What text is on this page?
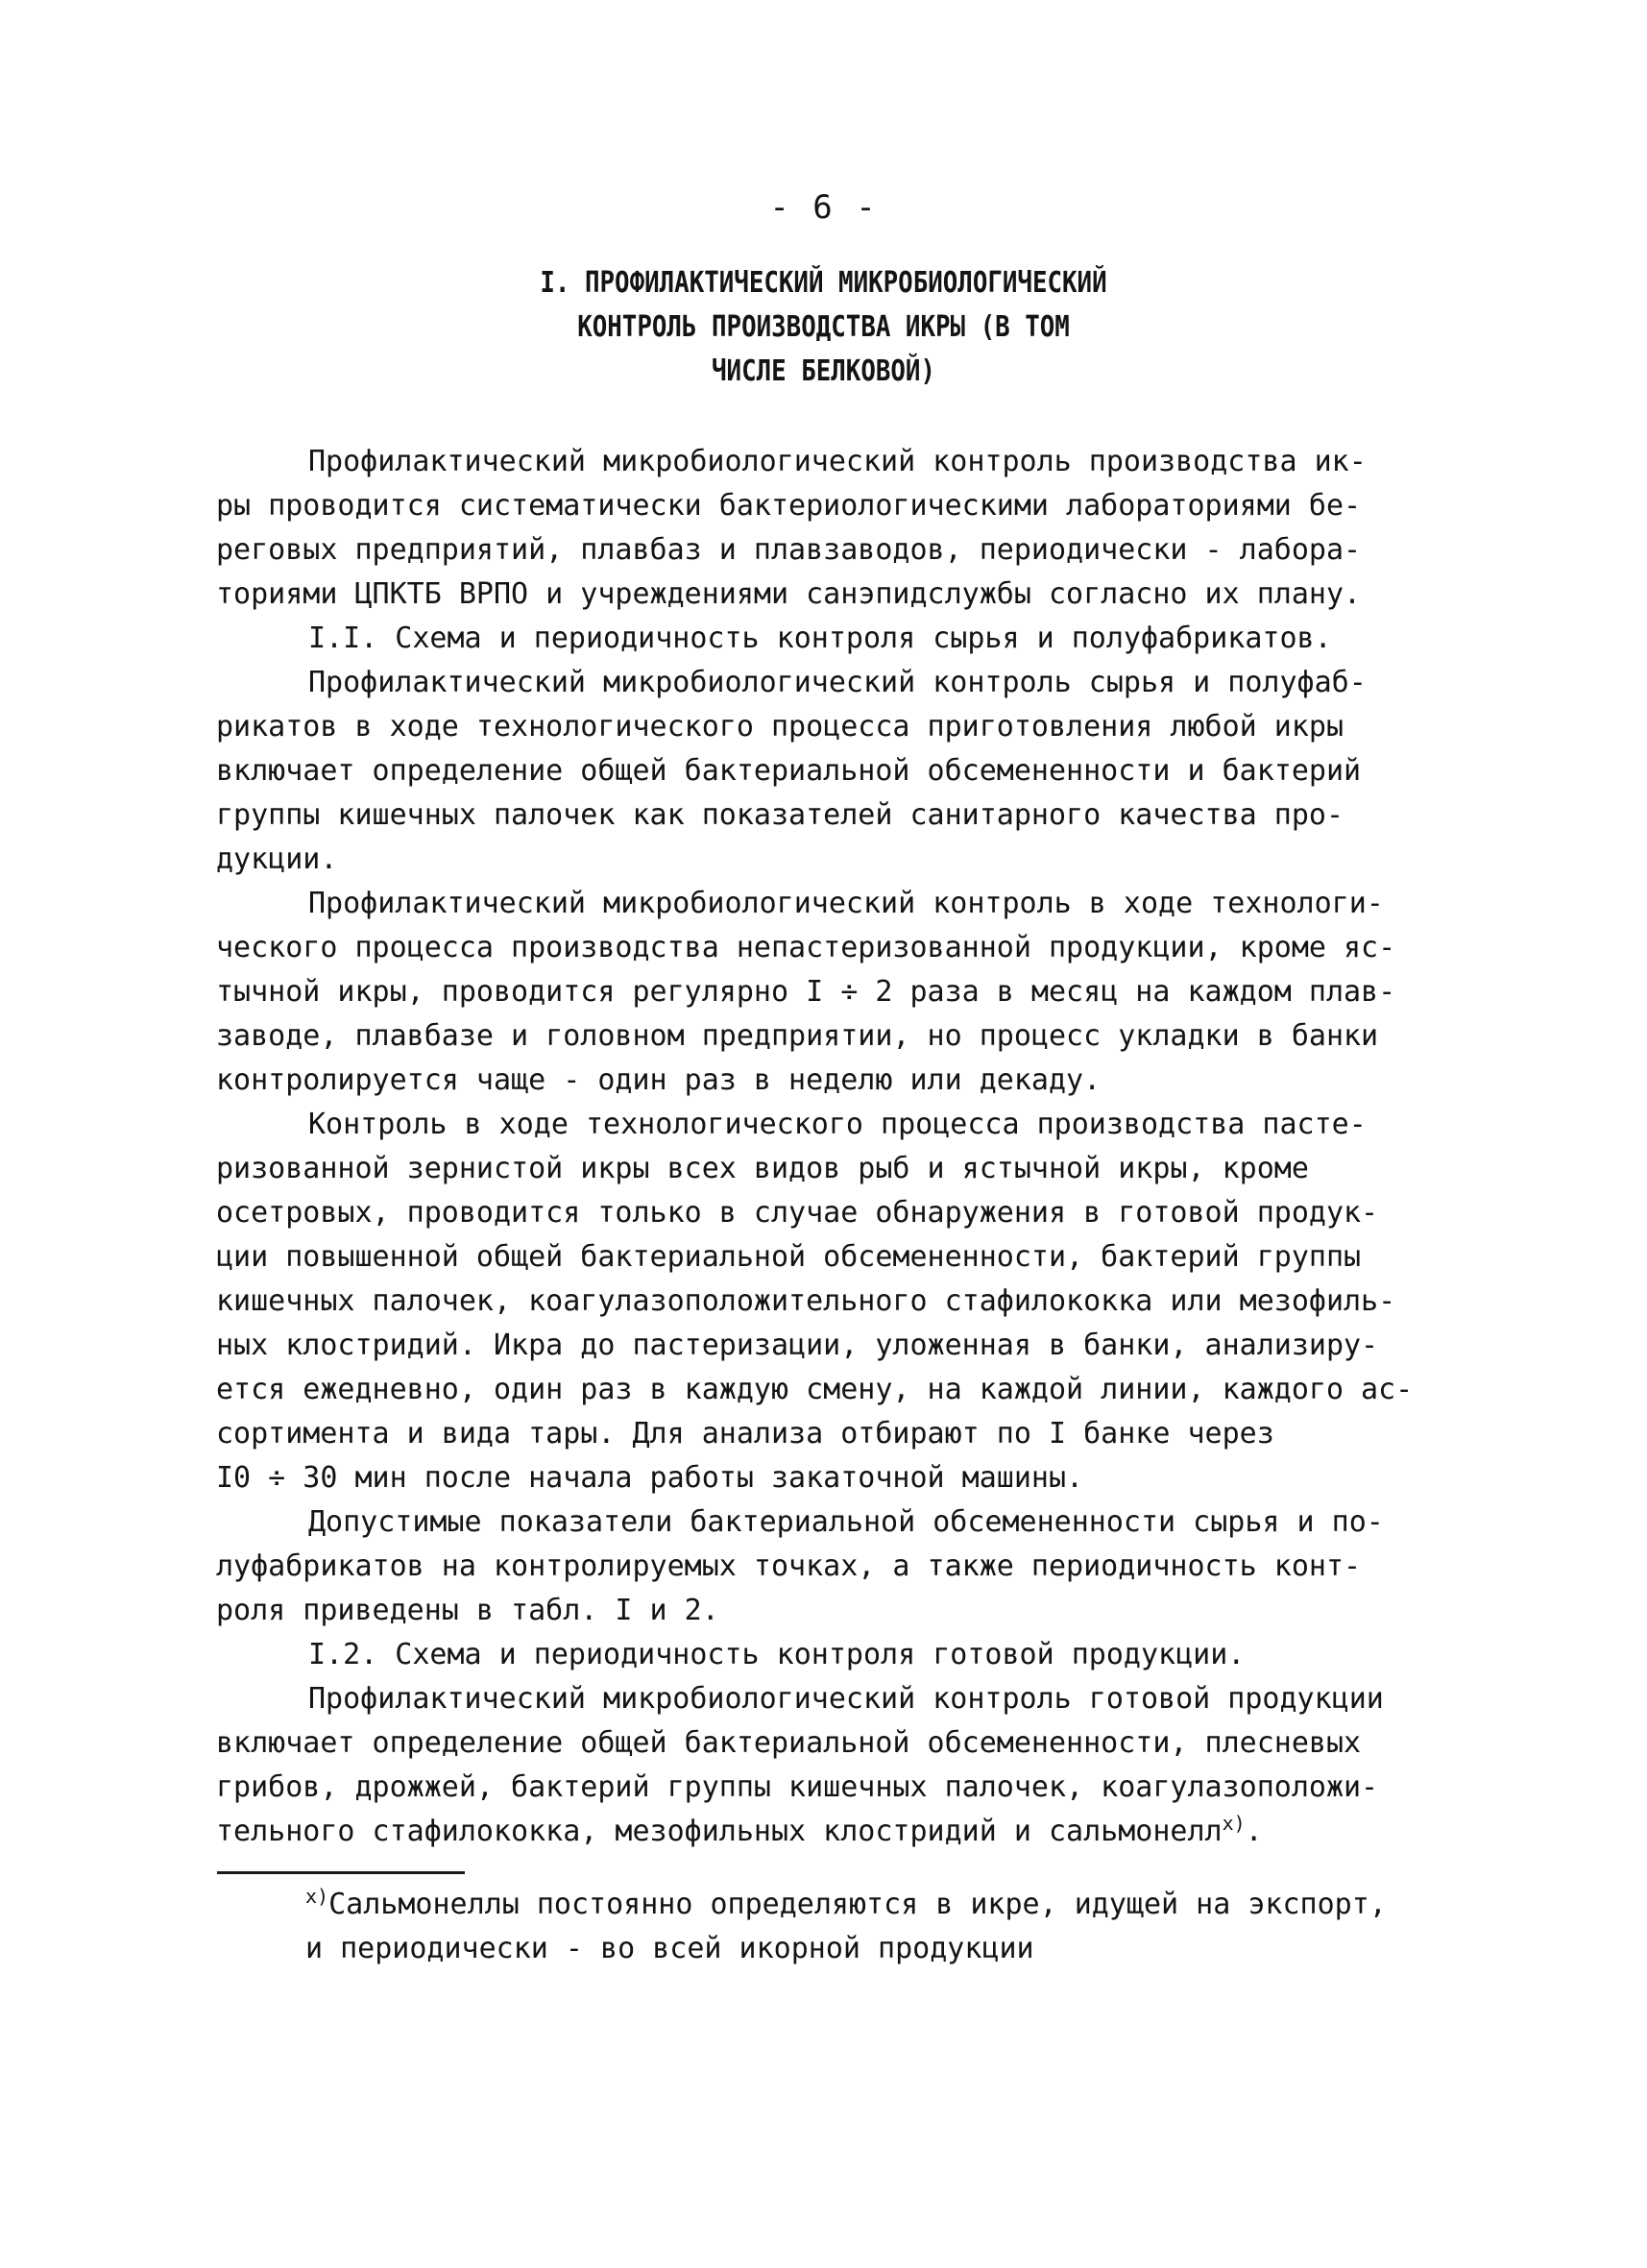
- 6 -
I. ПРОФИЛАКТИЧЕСКИЙ МИКРОБИОЛОГИЧЕСКИЙ
КОНТРОЛЬ ПРОИЗВОДСТВА ИКРЫ (В ТОМ
ЧИСЛЕ БЕЛКОВОЙ)
Профилактический микробиологический контроль производства ик-
ры проводится систематически бактериологическими лабораториями бе-
реговых предприятий, плавбаз и плавзаводов, периодически - лабора-
ториями ЦПКТБ ВРПО и учреждениями санэпидслужбы согласно их плану.
I.I. Схема и периодичность контроля сырья и полуфабрикатов.
Профилактический микробиологический контроль сырья и полуфаб-
рикатов в ходе технологического процесса приготовления любой икры
включает определение общей бактериальной обсемененности и бактерий
группы кишечных палочек как показателей санитарного качества про-
дукции.
Профилактический микробиологический контроль в ходе технологи-
ческого процесса производства непастеризованной продукции, кроме яс-
тычной икры, проводится регулярно I ÷ 2 раза в месяц на каждом плав-
заводе, плавбазе и головном предприятии, но процесс укладки в банки
контролируется чаще - один раз в неделю или декаду.
Контроль в ходе технологического процесса производства пасте-
ризованной зернистой икры всех видов рыб и ястычной икры, кроме
осетровых, проводится только в случае обнаружения в готовой продук-
ции повышенной общей бактериальной обсемененности, бактерий группы
кишечных палочек, коагулазоположительного стафилококка или мезофиль-
ных клостридий. Икра до пастеризации, уложенная в банки, анализиру-
ется ежедневно, один раз в каждую смену, на каждой линии, каждого ас-
сортимента и вида тары. Для анализа отбирают по I банке через
I0 ÷ 30 мин после начала работы закаточной машины.
Допустимые показатели бактериальной обсемененности сырья и по-
луфабрикатов на контролируемых точках, а также периодичность конт-
роля приведены в табл. I и 2.
I.2. Схема и периодичность контроля готовой продукции.
Профилактический микробиологический контроль готовой продукции
включает определение общей бактериальной обсемененности, плесневых
грибов, дрожжей, бактерий группы кишечных палочек, коагулазоположи-
тельного стафилококка, мезофильных клостридий и сальмонелл$^{х)}$.
$^{х)}$Сальмонеллы постоянно определяются в икре, идущей на экспорт,
и периодически - во всей икорной продукции
